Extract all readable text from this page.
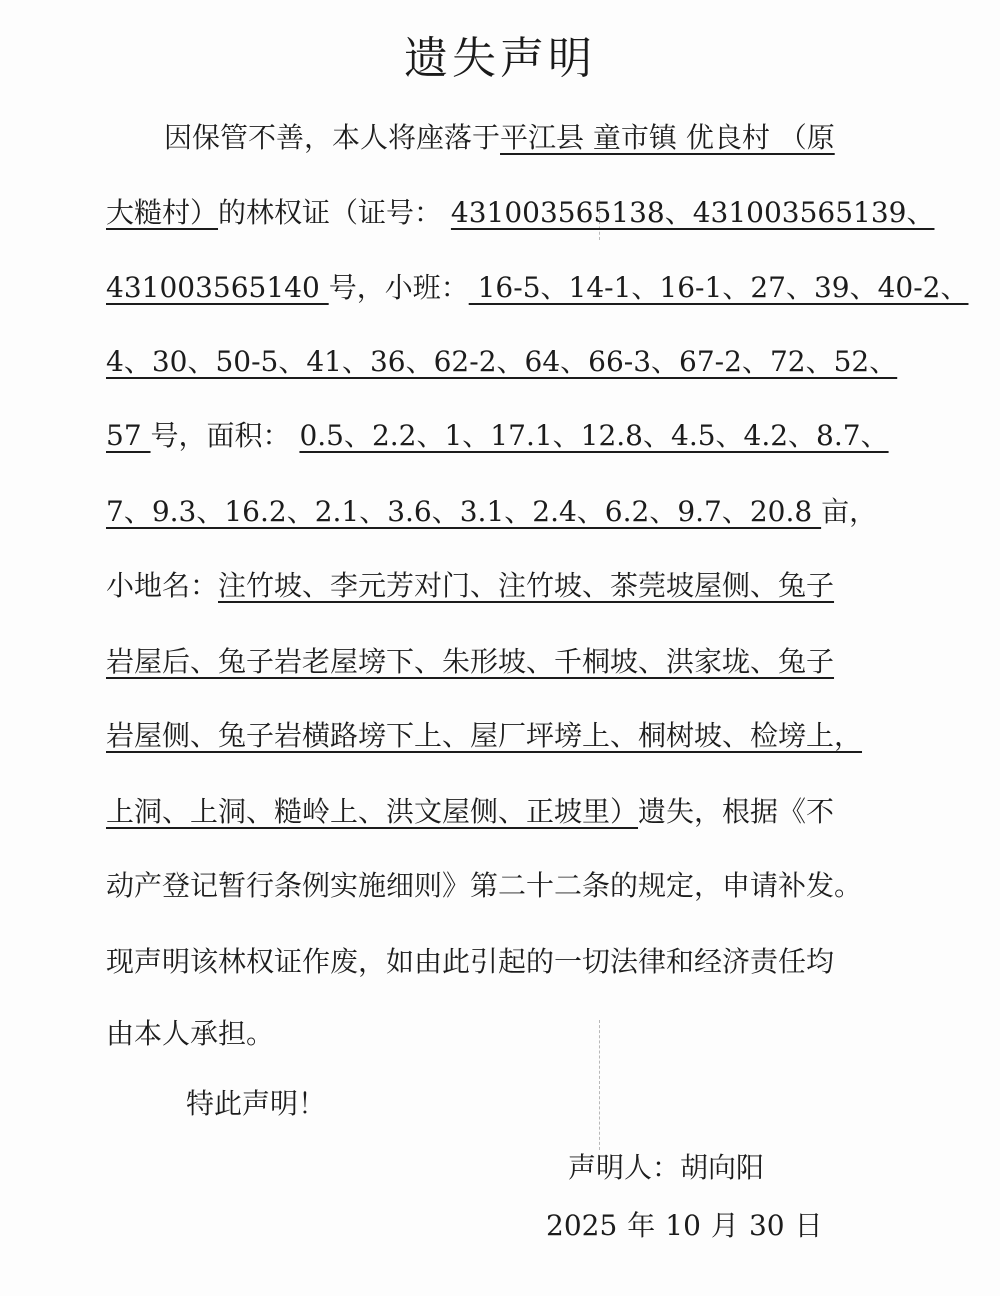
遗失声明
因保管不善，本人将座落于平江县 童市镇 优良村 （原
大糙村）的林权证（证号： 431003565138、431003565139、
431003565140 号，小班： 16-5、14-1、16-1、27、39、40-2、
4、30、50-5、41、36、62-2、64、66-3、67-2、72、52、
57 号，面积： 0.5、2.2、1、17.1、12.8、4.5、4.2、8.7、
7、9.3、16.2、2.1、3.6、3.1、2.4、6.2、9.7、20.8 亩，
小地名：注竹坡、李元芳对门、注竹坡、茶莞坡屋侧、兔子
岩屋后、兔子岩老屋塝下、朱形坡、千桐坡、洪家垅、兔子
岩屋侧、兔子岩横路塝下上、屋厂坪塝上、桐树坡、检塝上，
上洞、上洞、糙岭上、洪文屋侧、正坡里）遗失，根据《不
动产登记暂行条例实施细则》第二十二条的规定，申请补发。
现声明该林权证作废，如由此引起的一切法律和经济责任均
由本人承担。
特此声明！
声明人：胡向阳
2025 年 10 月 30 日
